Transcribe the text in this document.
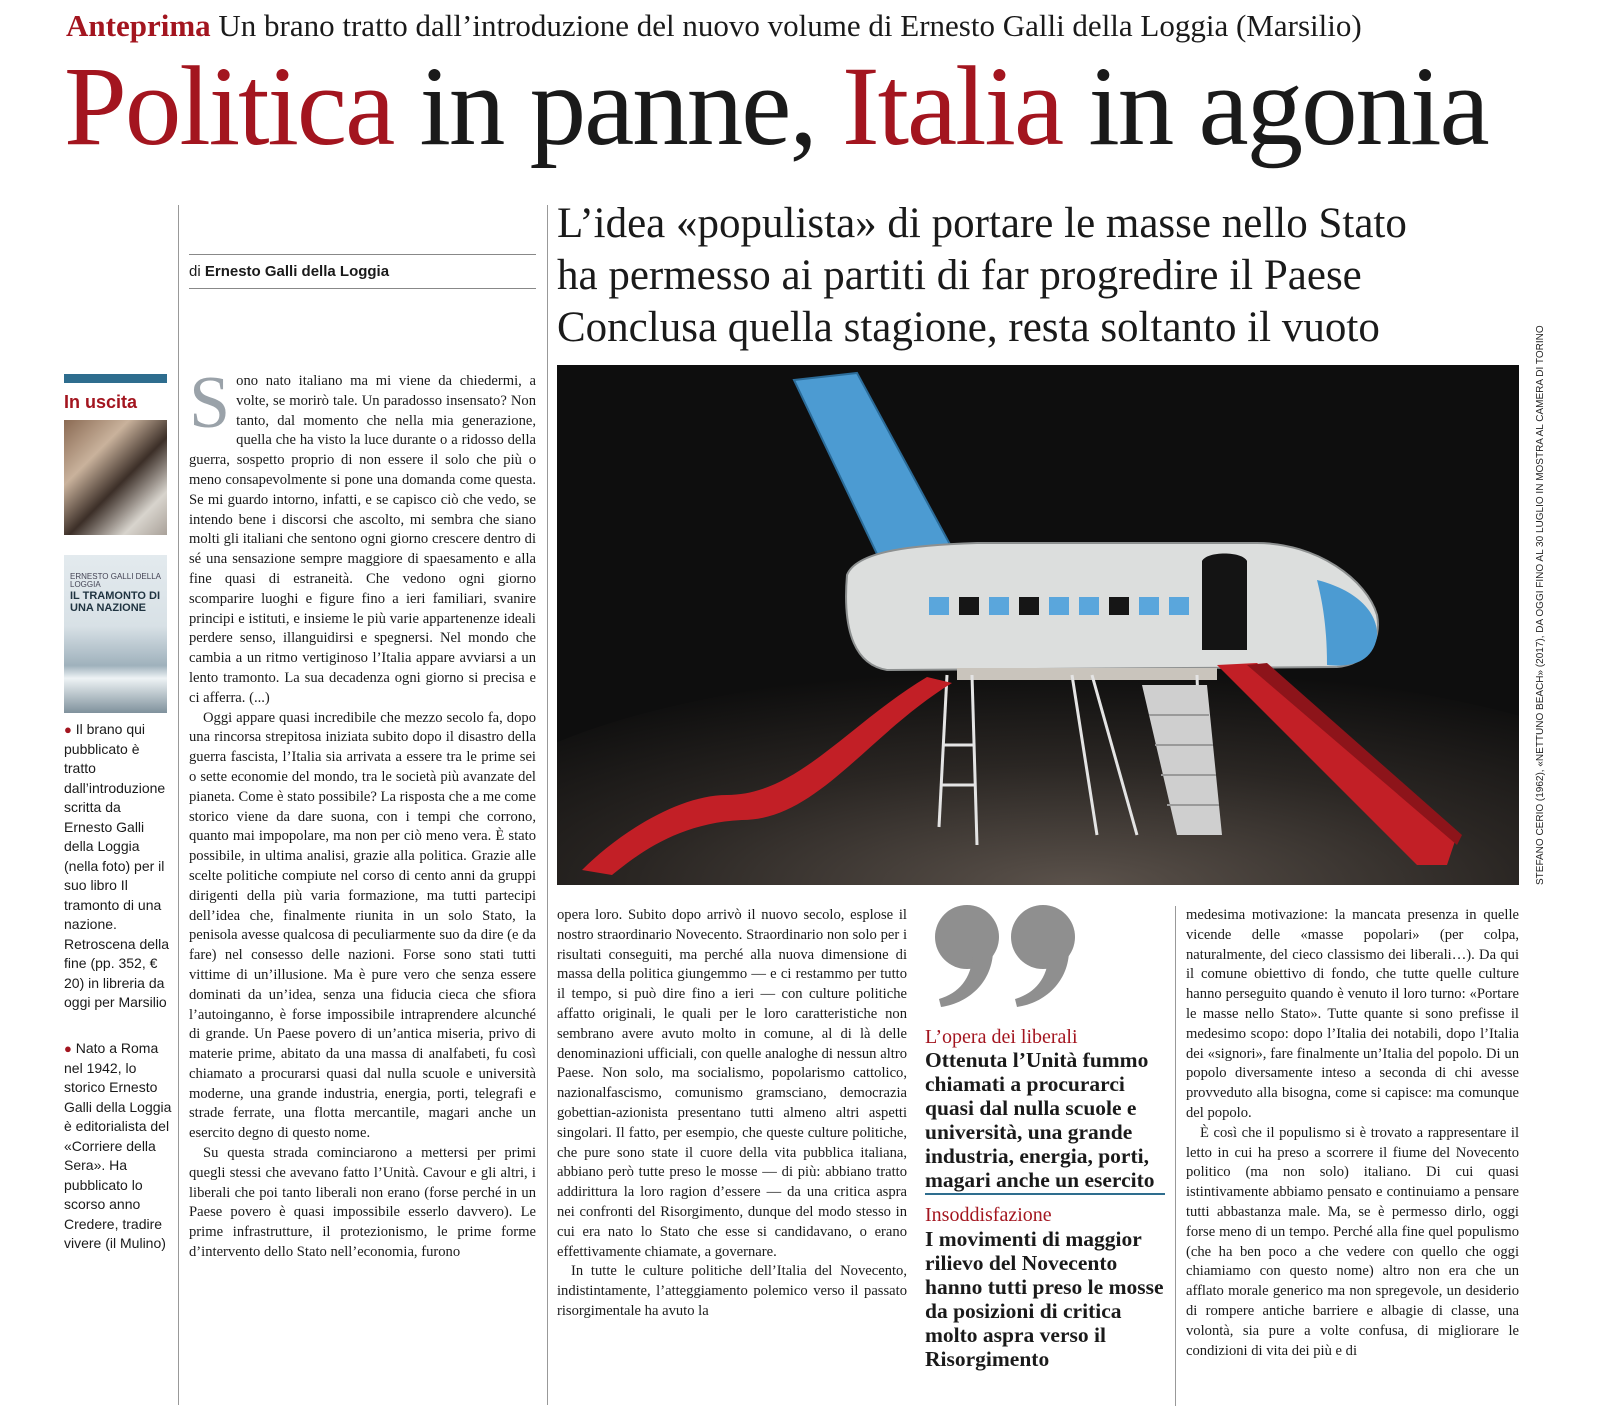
Anteprima Un brano tratto dall’introduzione del nuovo volume di Ernesto Galli della Loggia (Marsilio)
Politica in panne, Italia in agonia
di Ernesto Galli della Loggia
In uscita
ERNESTO GALLI DELLA LOGGIA
IL TRAMONTO DI UNA NAZIONE
● Il brano qui pubblicato è tratto dall’introduzione scritta da Ernesto Galli della Loggia (nella foto) per il suo libro Il tramonto di una nazione. Retroscena della fine (pp. 352, € 20) in libreria da oggi per Marsilio
● Nato a Roma nel 1942, lo storico Ernesto Galli della Loggia è editorialista del «Corriere della Sera». Ha pubblicato lo scorso anno Credere, tradire vivere (il Mulino)

Sono nato italiano ma mi viene da chiedermi, a volte, se morirò tale. Un paradosso insensato? Non tanto, dal momento che nella mia generazione, quella che ha visto la luce durante o a ridosso della guerra, sospetto proprio di non essere il solo che più o meno consapevolmente si pone una domanda come questa. Se mi guardo intorno, infatti, e se capisco ciò che vedo, se intendo bene i discorsi che ascolto, mi sembra che siano molti gli italiani che sentono ogni giorno crescere dentro di sé una sensazione sempre maggiore di spaesamento e alla fine quasi di estraneità. Che vedono ogni giorno scomparire luoghi e figure fino a ieri familiari, svanire principi e istituti, e insieme le più varie appartenenze ideali perdere senso, illanguidirsi e spegnersi. Nel mondo che cambia a un ritmo vertiginoso l’Italia appare avviarsi a un lento tramonto. La sua decadenza ogni giorno si precisa e ci afferra. (...)

Oggi appare quasi incredibile che mezzo secolo fa, dopo una rincorsa strepitosa iniziata subito dopo il disastro della guerra fascista, l’Italia sia arrivata a essere tra le prime sei o sette economie del mondo, tra le società più avanzate del pianeta. Come è stato possibile? La risposta che a me come storico viene da dare suona, con i tempi che corrono, quanto mai impopolare, ma non per ciò meno vera. È stato possibile, in ultima analisi, grazie alla politica. Grazie alle scelte politiche compiute nel corso di cento anni da gruppi dirigenti della più varia formazione, ma tutti partecipi dell’idea che, finalmente riunita in un solo Stato, la penisola avesse qualcosa di peculiarmente suo da dire (e da fare) nel consesso delle nazioni. Forse sono stati tutti vittime di un’illusione. Ma è pure vero che senza essere dominati da un’idea, senza una fiducia cieca che sfiora l’autoinganno, è forse impossibile intraprendere alcunché di grande. Un Paese povero di un’antica miseria, privo di materie prime, abitato da una massa di analfabeti, fu così chiamato a procurarsi quasi dal nulla scuole e università moderne, una grande industria, energia, porti, telegrafi e strade ferrate, una flotta mercantile, magari anche un esercito degno di questo nome.

Su questa strada cominciarono a mettersi per primi quegli stessi che avevano fatto l’Unità. Cavour e gli altri, i liberali che poi tanto liberali non erano (forse perché in un Paese povero è quasi impossibile esserlo davvero). Le prime infrastrutture, il protezionismo, le prime forme d’intervento dello Stato nell’economia, furono

L’idea «populista» di portare le masse nello Stato
ha permesso ai partiti di far progredire il Paese
Conclusa quella stagione, resta soltanto il vuoto	STEFANO CERIO (1962), «NETTUNO BEACH» (2017), DA OGGI FINO AL 30 LUGLIO IN MOSTRA AL CAMERA DI TORINO

opera loro. Subito dopo arrivò il nuovo secolo, esplose il nostro straordinario Novecento. Straordinario non solo per i risultati conseguiti, ma perché alla nuova dimensione di massa della politica giungemmo — e ci restammo per tutto il tempo, si può dire fino a ieri — con culture politiche affatto originali, le quali per le loro caratteristiche non sembrano avere avuto molto in comune, al di là delle denominazioni ufficiali, con quelle analoghe di nessun altro Paese. Non solo, ma socialismo, popolarismo cattolico, nazionalfascismo, comunismo gramsciano, democrazia gobettian-azionista presentano tutti almeno altri aspetti singolari. Il fatto, per esempio, che queste culture politiche, che pure sono state il cuore della vita pubblica italiana, abbiano però tutte preso le mosse — di più: abbiano tratto addirittura la loro ragion d’essere — da una critica aspra nei confronti del Risorgimento, dunque del modo stesso in cui era nato lo Stato che esse si candidavano, o erano effettivamente chiamate, a governare.

In tutte le culture politiche dell’Italia del Novecento, indistintamente, l’atteggiamento polemico verso il passato risorgimentale ha avuto la

L’opera dei liberali
Ottenuta l’Unità fummo chiamati a procurarci quasi dal nulla scuole e università, una grande industria, energia, porti, magari anche un esercito
Insoddisfazione
I movimenti di maggior rilievo del Novecento hanno tutti preso le mosse da posizioni di critica molto aspra verso il Risorgimento

medesima motivazione: la mancata presenza in quelle vicende delle «masse popolari» (per colpa, naturalmente, del cieco classismo dei liberali…). Da qui il comune obiettivo di fondo, che tutte quelle culture hanno perseguito quando è venuto il loro turno: «Portare le masse nello Stato». Tutte quante si sono prefisse il medesimo scopo: dopo l’Italia dei notabili, dopo l’Italia dei «signori», fare finalmente un’Italia del popolo. Di un popolo diversamente inteso a seconda di chi avesse provveduto alla bisogna, come si capisce: ma comunque del popolo.

È così che il populismo si è trovato a rappresentare il letto in cui ha preso a scorrere il fiume del Novecento politico (ma non solo) italiano. Di cui quasi istintivamente abbiamo pensato e continuiamo a pensare tutti abbastanza male. Ma, se è permesso dirlo, oggi forse meno di un tempo. Perché alla fine quel populismo (che ha ben poco a che vedere con quello che oggi chiamiamo con questo nome) altro non era che un afflato morale generico ma non spregevole, un desiderio di rompere antiche barriere e albagie di classe, una volontà, sia pure a volte confusa, di migliorare le condizioni di vita dei più e di
